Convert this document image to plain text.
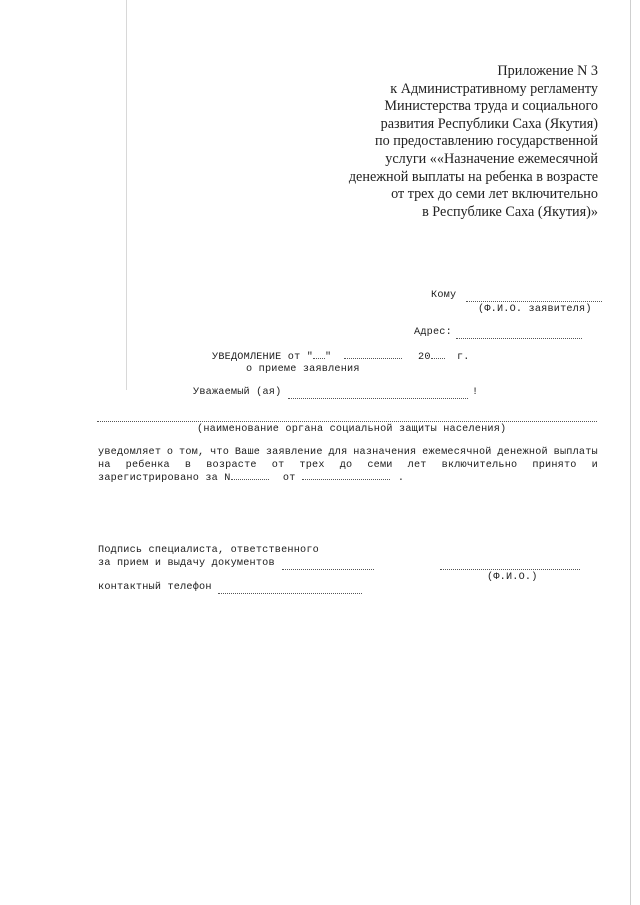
Приложение N 3
к Административному регламенту
Министерства труда и социального
развития Республики Саха (Якутия)
по предоставлению государственной
услуги ««Назначение ежемесячной
денежной выплаты на ребенка в возрасте
от трех до семи лет включительно
в Республике Саха (Якутия)»
Кому
(Ф.И.О. заявителя)
Адрес:
УВЕДОМЛЕНИЕ от " "	20	г.
о приеме заявления
Уважаемый (ая)	!
(наименование органа социальной защиты населения)
уведомляет о том, что Ваше заявление для назначения ежемесячной денежной выплаты
на ребенка в возрасте от трех до семи лет включительно принято и
зарегистрировано за N	от	.
Подпись специалиста, ответственного
за прием и выдачу документов
(Ф.И.О.)
контактный телефон
